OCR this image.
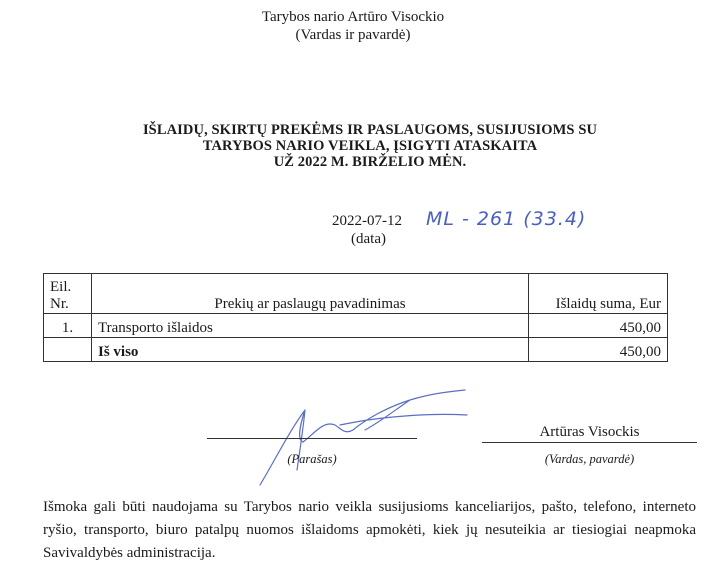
Tarybos nario Artūro Visockio
(Vardas ir pavardė)
IŠLAIDŲ, SKIRTŲ PREKĖMS IR PASLAUGOMS, SUSIJUSIOMS SU
TARYBOS NARIO VEIKLA, ĮSIGYTI ATASKAITA
UŽ 2022 M. BIRŽELIO MĖN.
2022-07-12
(data)
ML - 261 (33.4)
Eil. Nr.	Prekių ar paslaugų pavadinimas	Išlaidų suma, Eur
1.	Transporto išlaidos	450,00
	Iš viso	450,00
(Parašas)
Artūras Visockis
(Vardas, pavardė)
Išmoka gali būti naudojama su Tarybos nario veikla susijusioms kanceliarijos, pašto, telefono, interneto ryšio, transporto, biuro patalpų nuomos išlaidoms apmokėti, kiek jų nesuteikia ar tiesiogiai neapmoka Savivaldybės administracija.
